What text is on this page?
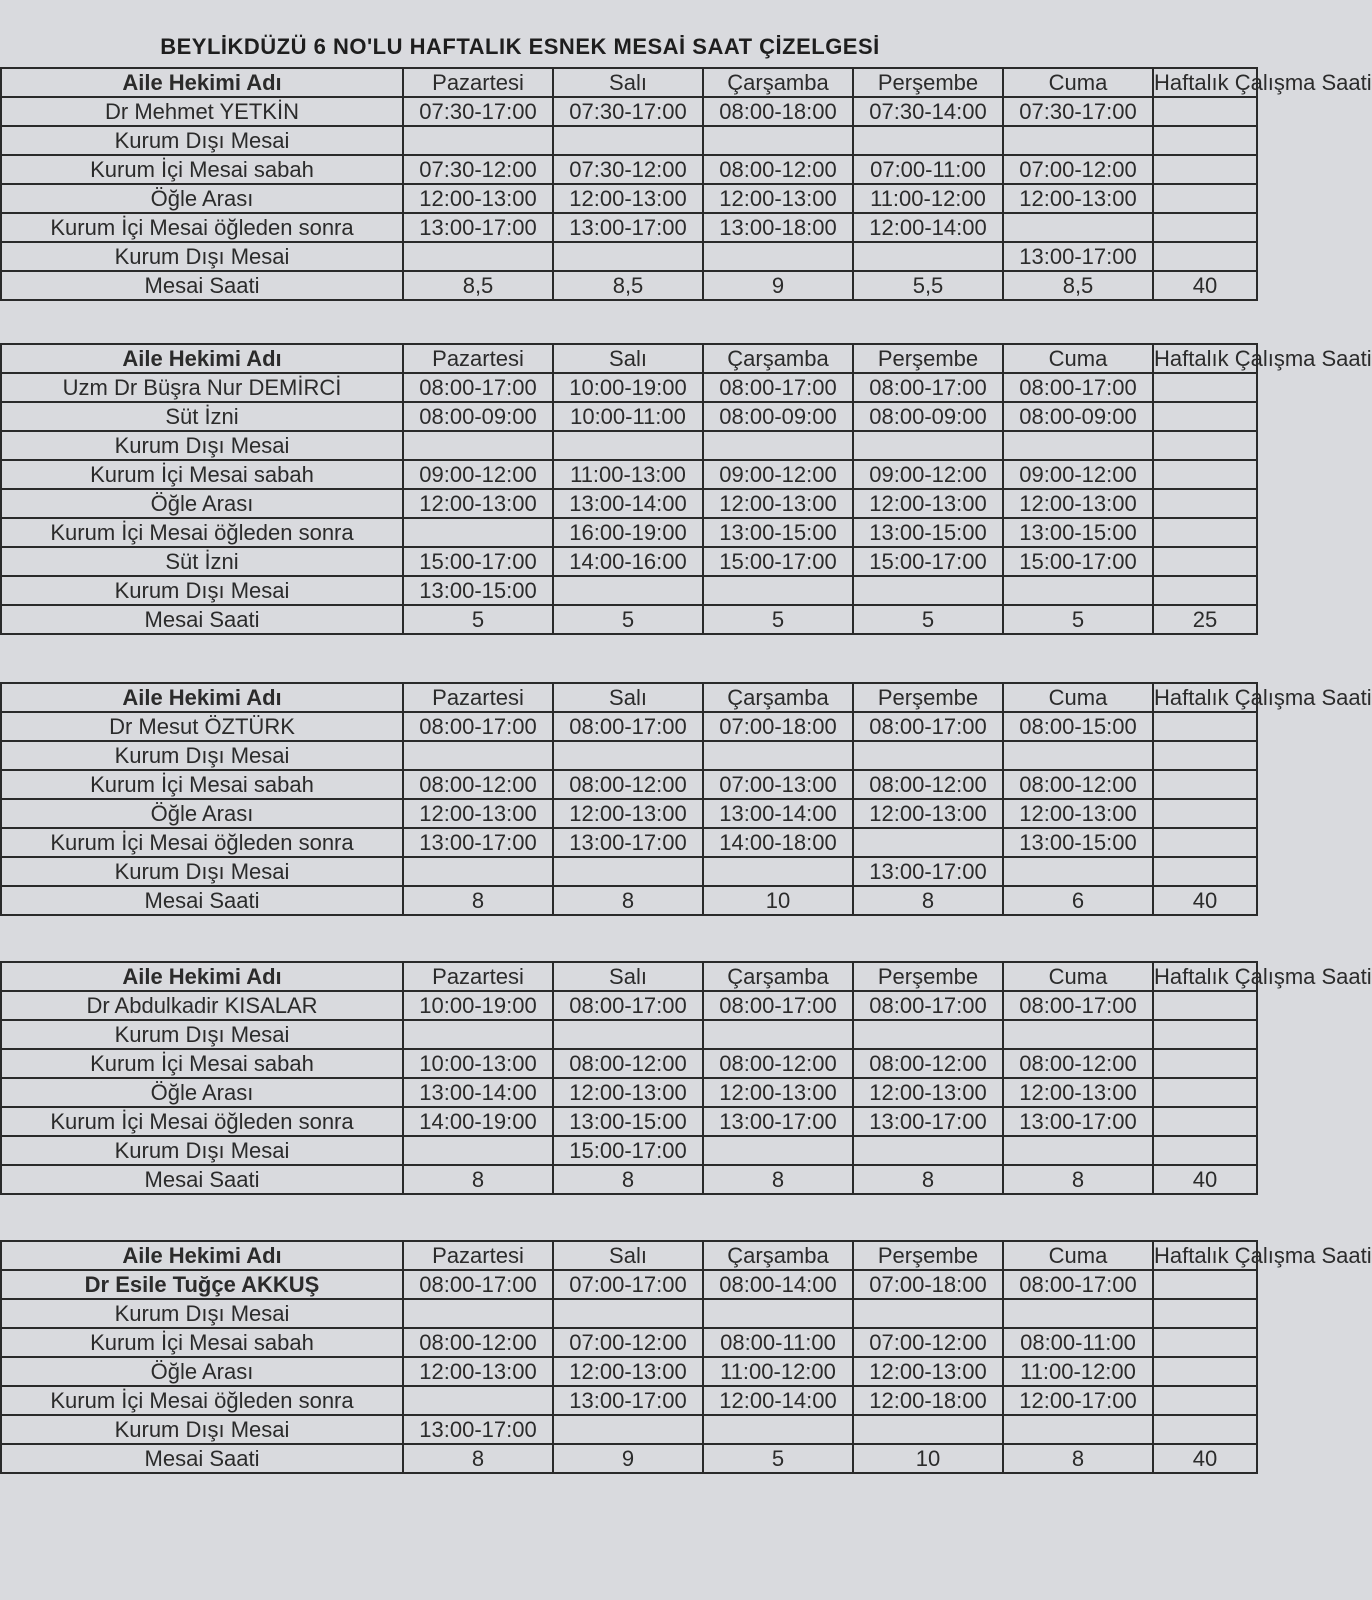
BEYLİKDÜZÜ 6 NO'LU HAFTALIK ESNEK MESAİ SAAT ÇİZELGESİ
Aile Hekimi Adı	Pazartesi	Salı	Çarşamba	Perşembe	Cuma	Haftalık Çalışma Saati
Dr Mehmet YETKİN	07:30-17:00	07:30-17:00	08:00-18:00	07:30-14:00	07:30-17:00	
Kurum Dışı Mesai						
Kurum İçi Mesai sabah	07:30-12:00	07:30-12:00	08:00-12:00	07:00-11:00	07:00-12:00	
Öğle Arası	12:00-13:00	12:00-13:00	12:00-13:00	11:00-12:00	12:00-13:00	
Kurum İçi Mesai öğleden sonra	13:00-17:00	13:00-17:00	13:00-18:00	12:00-14:00		
Kurum Dışı Mesai					13:00-17:00	
Mesai Saati	8,5	8,5	9	5,5	8,5	40
Aile Hekimi Adı	Pazartesi	Salı	Çarşamba	Perşembe	Cuma	Haftalık Çalışma Saati
Uzm Dr Büşra Nur DEMİRCİ	08:00-17:00	10:00-19:00	08:00-17:00	08:00-17:00	08:00-17:00	
Süt İzni	08:00-09:00	10:00-11:00	08:00-09:00	08:00-09:00	08:00-09:00	
Kurum Dışı Mesai						
Kurum İçi Mesai sabah	09:00-12:00	11:00-13:00	09:00-12:00	09:00-12:00	09:00-12:00	
Öğle Arası	12:00-13:00	13:00-14:00	12:00-13:00	12:00-13:00	12:00-13:00	
Kurum İçi Mesai öğleden sonra		16:00-19:00	13:00-15:00	13:00-15:00	13:00-15:00	
Süt İzni	15:00-17:00	14:00-16:00	15:00-17:00	15:00-17:00	15:00-17:00	
Kurum Dışı Mesai	13:00-15:00					
Mesai Saati	5	5	5	5	5	25
Aile Hekimi Adı	Pazartesi	Salı	Çarşamba	Perşembe	Cuma	Haftalık Çalışma Saati
Dr Mesut ÖZTÜRK	08:00-17:00	08:00-17:00	07:00-18:00	08:00-17:00	08:00-15:00	
Kurum Dışı Mesai						
Kurum İçi Mesai sabah	08:00-12:00	08:00-12:00	07:00-13:00	08:00-12:00	08:00-12:00	
Öğle Arası	12:00-13:00	12:00-13:00	13:00-14:00	12:00-13:00	12:00-13:00	
Kurum İçi Mesai öğleden sonra	13:00-17:00	13:00-17:00	14:00-18:00		13:00-15:00	
Kurum Dışı Mesai				13:00-17:00		
Mesai Saati	8	8	10	8	6	40
Aile Hekimi Adı	Pazartesi	Salı	Çarşamba	Perşembe	Cuma	Haftalık Çalışma Saati
Dr Abdulkadir KISALAR	10:00-19:00	08:00-17:00	08:00-17:00	08:00-17:00	08:00-17:00	
Kurum Dışı Mesai						
Kurum İçi Mesai sabah	10:00-13:00	08:00-12:00	08:00-12:00	08:00-12:00	08:00-12:00	
Öğle Arası	13:00-14:00	12:00-13:00	12:00-13:00	12:00-13:00	12:00-13:00	
Kurum İçi Mesai öğleden sonra	14:00-19:00	13:00-15:00	13:00-17:00	13:00-17:00	13:00-17:00	
Kurum Dışı Mesai		15:00-17:00				
Mesai Saati	8	8	8	8	8	40
Aile Hekimi Adı	Pazartesi	Salı	Çarşamba	Perşembe	Cuma	Haftalık Çalışma Saati
Dr Esile Tuğçe AKKUŞ	08:00-17:00	07:00-17:00	08:00-14:00	07:00-18:00	08:00-17:00	
Kurum Dışı Mesai						
Kurum İçi Mesai sabah	08:00-12:00	07:00-12:00	08:00-11:00	07:00-12:00	08:00-11:00	
Öğle Arası	12:00-13:00	12:00-13:00	11:00-12:00	12:00-13:00	11:00-12:00	
Kurum İçi Mesai öğleden sonra		13:00-17:00	12:00-14:00	12:00-18:00	12:00-17:00	
Kurum Dışı Mesai	13:00-17:00					
Mesai Saati	8	9	5	10	8	40
